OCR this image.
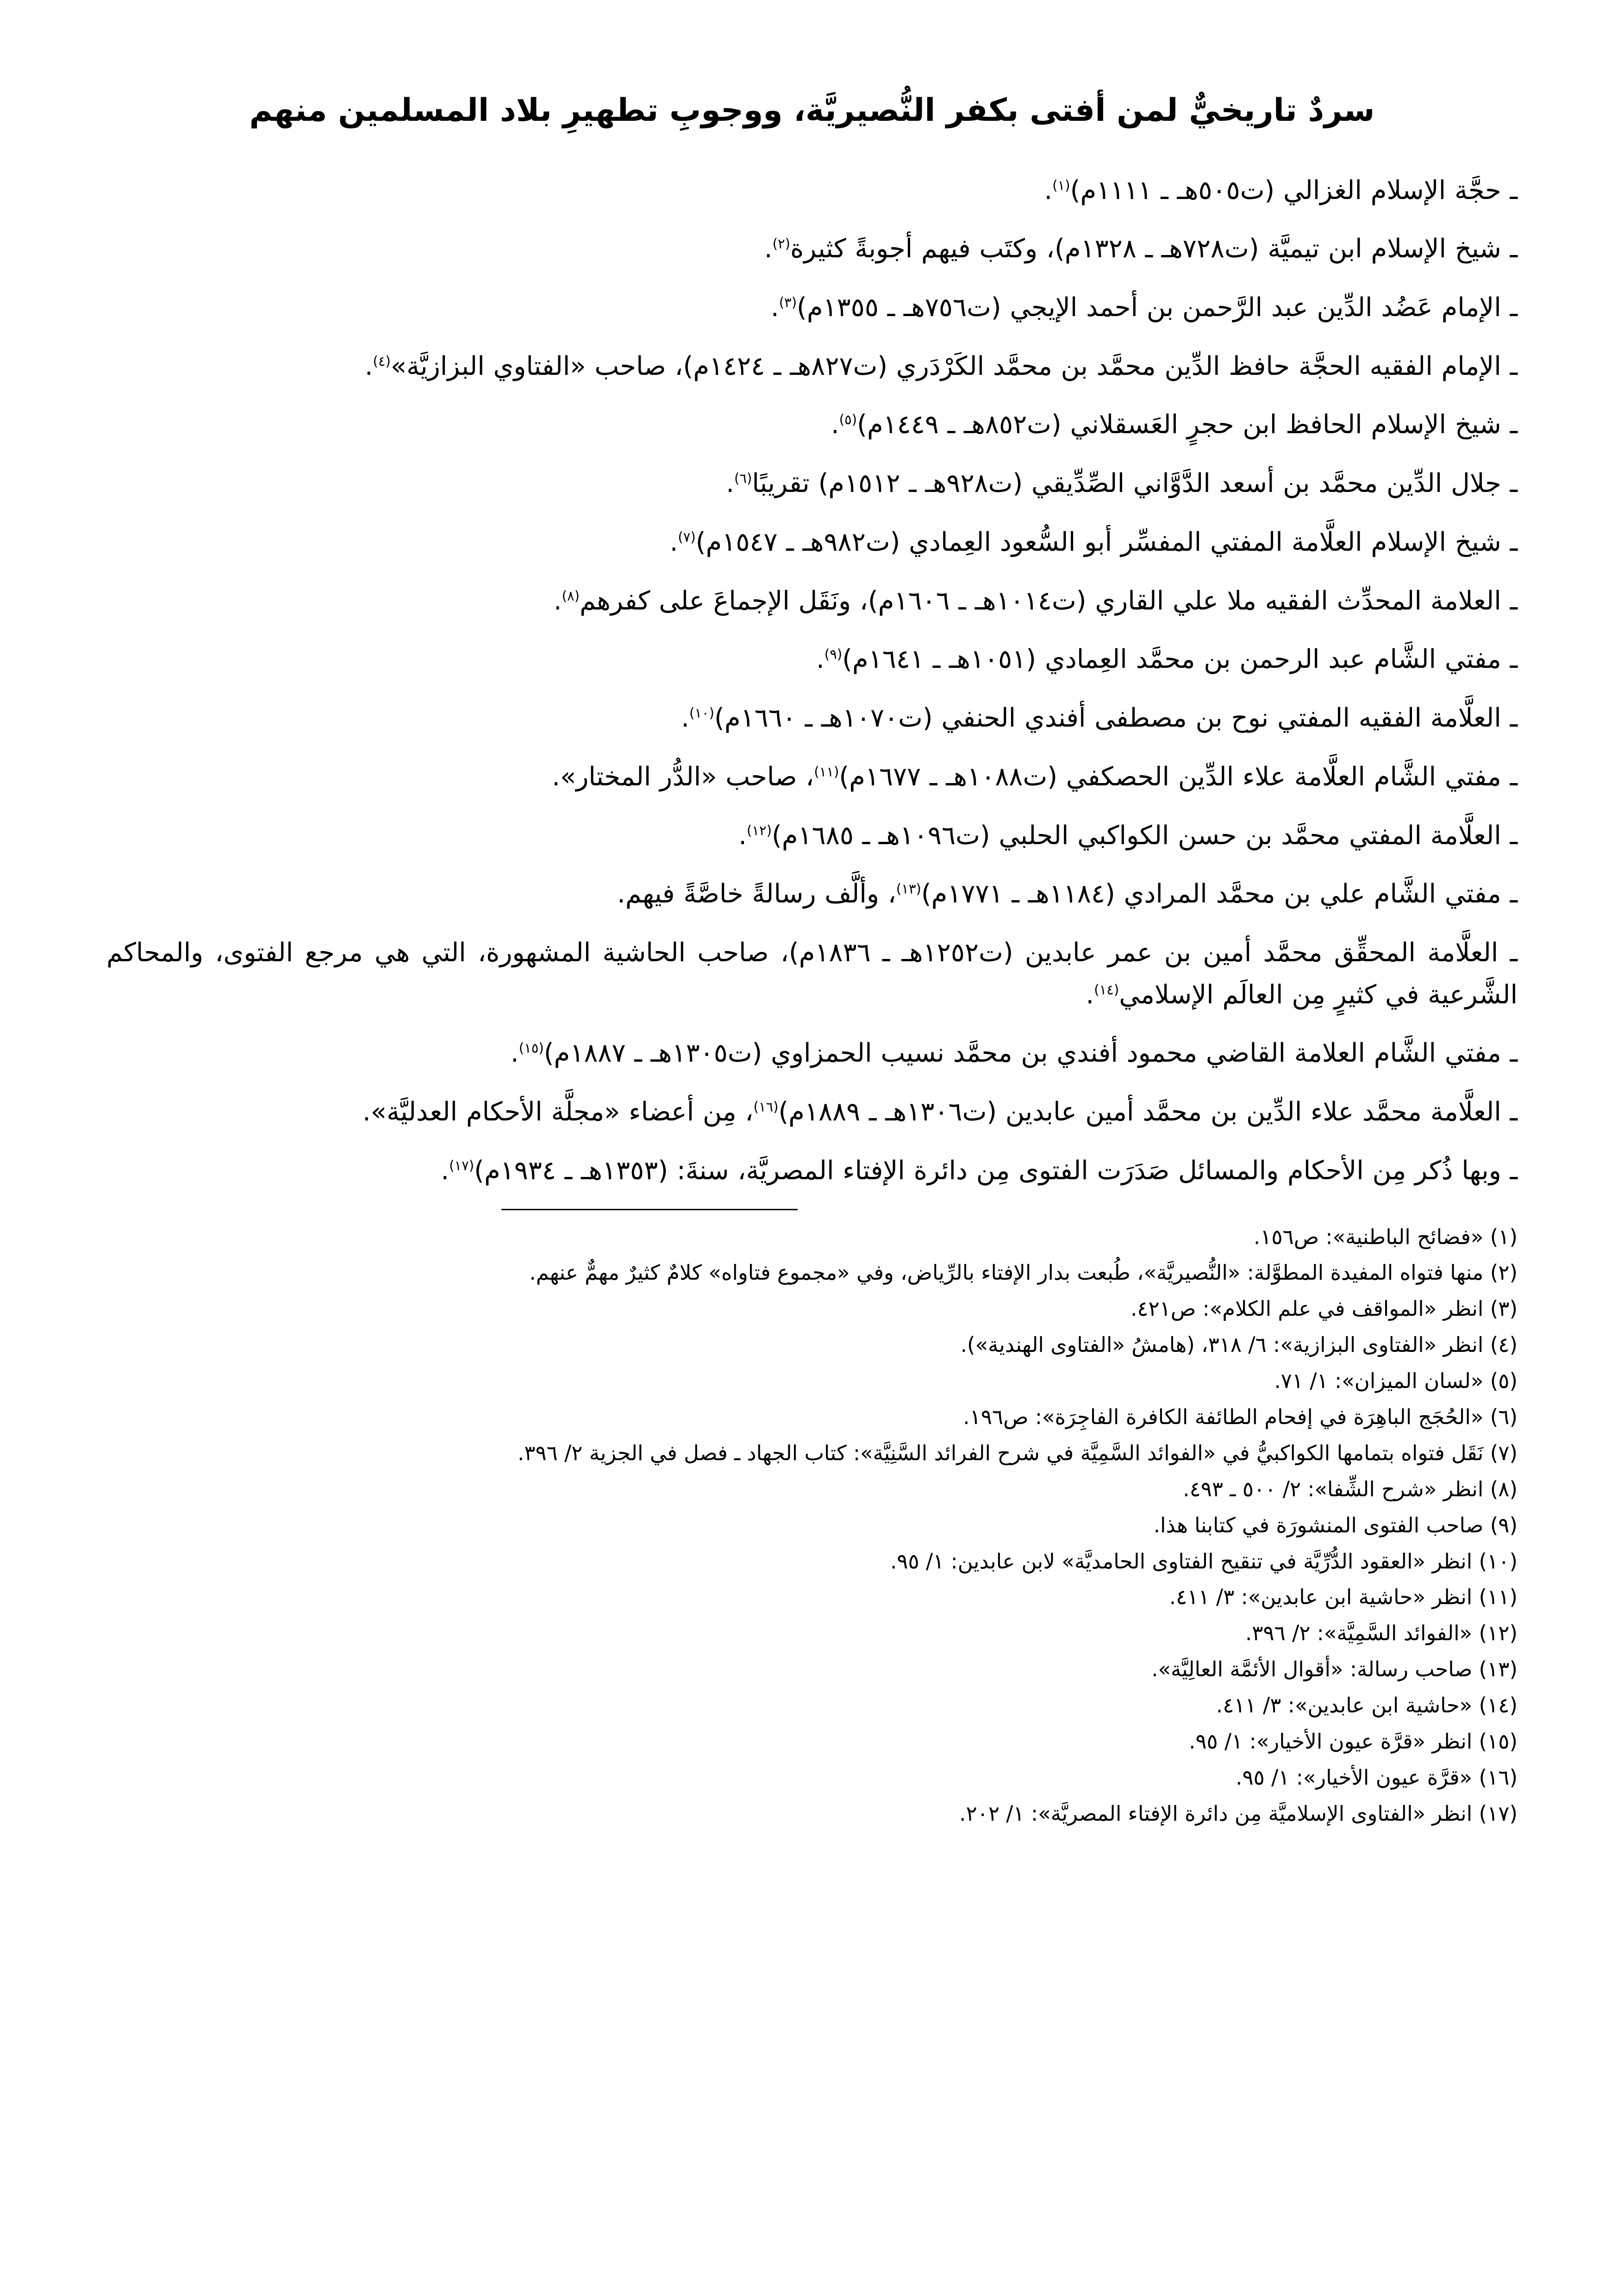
سردٌ تاريخيٌّ لمن أفتى بكفر النُّصيريَّة، ووجوبِ تطهيرِ بلاد المسلمين منهم

ـ حجَّة الإسلام الغزالي (ت٥٠٥هـ ـ ١١١١م)$^{(١)}$.

ـ شيخ الإسلام ابن تيميَّة (ت٧٢٨هـ ـ ١٣٢٨م)، وكتَب فيهم أجوبةً كثيرة$^{(٢)}$.

ـ الإمام عَضُد الدِّين عبد الرَّحمن بن أحمد الإيجي (ت٧٥٦هـ ـ ١٣٥٥م)$^{(٣)}$.

ـ الإمام الفقيه الحجَّة حافظ الدِّين محمَّد بن محمَّد الكَرْدَري (ت٨٢٧هـ ـ ١٤٢٤م)، صاحب «الفتاوي البزازيَّة»$^{(٤)}$.

ـ شيخ الإسلام الحافظ ابن حجرٍ العَسقلاني (ت٨٥٢هـ ـ ١٤٤٩م)$^{(٥)}$.

ـ جلال الدِّين محمَّد بن أسعد الدَّوَّاني الصِّدِّيقي (ت٩٢٨هـ ـ ١٥١٢م) تقريبًا$^{(٦)}$.

ـ شيخ الإسلام العلَّامة المفتي المفسِّر أبو السُّعود العِمادي (ت٩٨٢هـ ـ ١٥٤٧م)$^{(٧)}$.

ـ العلامة المحدِّث الفقيه ملا علي القاري (ت١٠١٤هـ ـ ١٦٠٦م)، ونَقَل الإجماعَ على كفرهم$^{(٨)}$.

ـ مفتي الشَّام عبد الرحمن بن محمَّد العِمادي (١٠٥١هـ ـ ١٦٤١م)$^{(٩)}$.

ـ العلَّامة الفقيه المفتي نوح بن مصطفى أفندي الحنفي (ت١٠٧٠هـ ـ ١٦٦٠م)$^{(١٠)}$.

ـ مفتي الشَّام العلَّامة علاء الدِّين الحصكفي (ت١٠٨٨هـ ـ ١٦٧٧م)$^{(١١)}$، صاحب «الدُّر المختار».

ـ العلَّامة المفتي محمَّد بن حسن الكواكبي الحلبي (ت١٠٩٦هـ ـ ١٦٨٥م)$^{(١٢)}$.

ـ مفتي الشَّام علي بن محمَّد المرادي (١١٨٤هـ ـ ١٧٧١م)$^{(١٣)}$، وألَّف رسالةً خاصَّةً فيهم.

ـ العلَّامة المحقِّق محمَّد أمين بن عمر عابدين (ت١٢٥٢هـ ـ ١٨٣٦م)، صاحب الحاشية المشهورة، التي هي مرجع الفتوى، والمحاكم الشَّرعية في كثيرٍ مِن العالَم الإسلامي$^{(١٤)}$.

ـ مفتي الشَّام العلامة القاضي محمود أفندي بن محمَّد نسيب الحمزاوي (ت١٣٠٥هـ ـ ١٨٨٧م)$^{(١٥)}$.

ـ العلَّامة محمَّد علاء الدِّين بن محمَّد أمين عابدين (ت١٣٠٦هـ ـ ١٨٨٩م)$^{(١٦)}$، مِن أعضاء «مجلَّة الأحكام العدليَّة».

ـ وبها ذُكر مِن الأحكام والمسائل صَدَرَت الفتوى مِن دائرة الإفتاء المصريَّة، سنةَ: (١٣٥٣هـ ـ ١٩٣٤م)$^{(١٧)}$.

(١) «فضائح الباطنية»: ص١٥٦.

(٢) منها فتواه المفيدة المطوَّلة: «النُّصيريَّة»، طُبعت بدار الإفتاء بالرِّياض، وفي «مجموع فتاواه» كلامٌ كثيرٌ مهمٌّ عنهم.

(٣) انظر «المواقف في علم الكلام»: ص٤٢١.

(٤) انظر «الفتاوى البزازية»: ٦/ ٣١٨، (هامشُ «الفتاوى الهندية»).

(٥) «لسان الميزان»: ١/ ٧١.

(٦) «الحُجَج الباهِرَة في إفحام الطائفة الكافرة الفاجِرَة»: ص١٩٦.

(٧) نَقَل فتواه بتمامها الكواكبيُّ في «الفوائد السَّمِيَّة في شرح الفرائد السَّنِيَّة»: كتاب الجهاد ـ فصل في الجزية ٢/ ٣٩٦.

(٨) انظر «شرح الشِّفا»: ٢/ ٥٠٠ ـ ٤٩٣.

(٩) صاحب الفتوى المنشورَة في كتابنا هذا.

(١٠) انظر «العقود الدُّرِّيَّة في تنقيح الفتاوى الحامديَّة» لابن عابدين: ١/ ٩٥.

(١١) انظر «حاشية ابن عابدين»: ٣/ ٤١١.

(١٢) «الفوائد السَّمِيَّة»: ٢/ ٣٩٦.

(١٣) صاحب رسالة: «أقوال الأئمَّة العالِيَّة».

(١٤) «حاشية ابن عابدين»: ٣/ ٤١١.

(١٥) انظر «قرَّة عيون الأخيار»: ١/ ٩٥.

(١٦) «قرَّة عيون الأخيار»: ١/ ٩٥.

(١٧) انظر «الفتاوى الإسلاميَّة مِن دائرة الإفتاء المصريَّة»: ١/ ٢٠٢.
